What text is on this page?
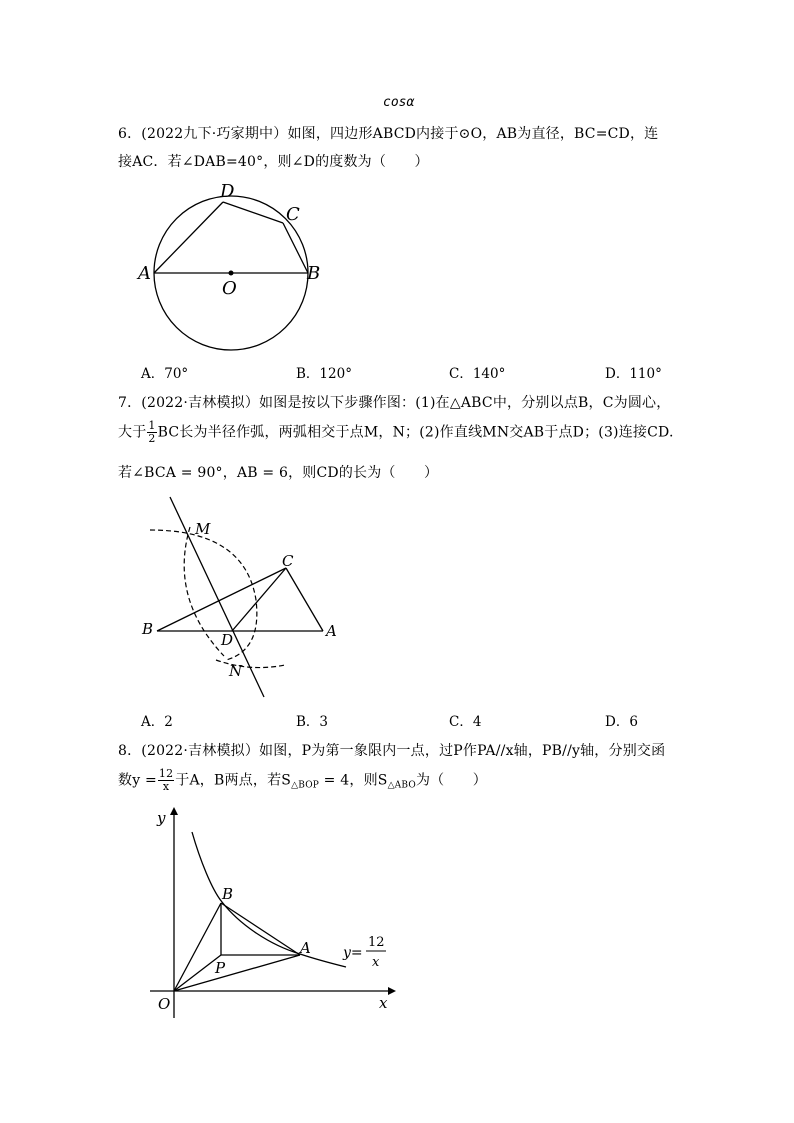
cosα
6．(2022九下·巧家期中）如图，四边形ABCD内接于⊙O，AB为直径，BC=CD，连
接AC．若∠DAB=40°，则∠D的度数为（　　）
D
C
A	B
O
A．70°	B．120°	C．140°	D．110°
7．(2022·吉林模拟）如图是按以下步骤作图：(1)在△ABC中，分别以点B，C为圆心，
大于 $\frac{1}{2}$ BC长为半径作弧，两弧相交于点M，N；(2)作直线MN交AB于点D；(3)连接CD.
若∠BCA = 90°，AB = 6，则CD的长为（　　）
M
C
B
D	A
N
A．2	B．3	C．4	D．6
8．(2022·吉林模拟）如图，P为第一象限内一点，过P作PA//x轴，PB//y轴，分别交函
数$y = \frac{12}{x}$ 于A，B两点，若$S_{\triangle BOP} = 4$，则$S_{\triangle ABO}$为（　　）
y
B
A
P
O	x
y=
12
x
